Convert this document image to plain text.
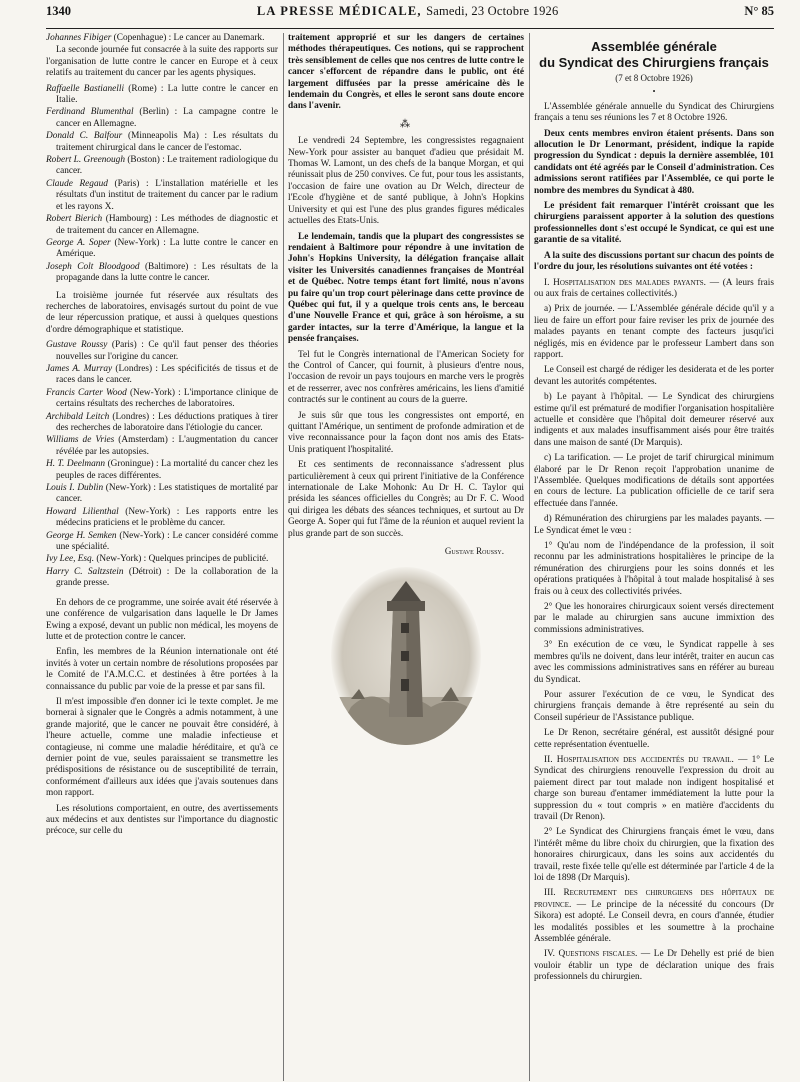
1340	LA PRESSE MÉDICALE, Samedi, 23 Octobre 1926	N° 85

Johannes Fibiger (Copenhague) : Le cancer au Danemark.

La seconde journée fut consacrée à la suite des rapports sur l'organisation de lutte contre le cancer en Europe et à ceux relatifs au traitement du cancer par les agents physiques.

Raffaelle Bastianelli (Rome) : La lutte contre le cancer en Italie.

Ferdinand Blumenthal (Berlin) : La campagne contre le cancer en Allemagne.

Donald C. Balfour (Minneapolis Ma) : Les résultats du traitement chirurgical dans le cancer de l'estomac.

Robert L. Greenough (Boston) : Le traitement radiologique du cancer.

Claude Regaud (Paris) : L'installation matérielle et les résultats d'un institut de traitement du cancer par le radium et les rayons X.

Robert Bierich (Hambourg) : Les méthodes de diagnostic et de traitement du cancer en Allemagne.

George A. Soper (New-York) : La lutte contre le cancer en Amérique.

Joseph Colt Bloodgood (Baltimore) : Les résultats de la propagande dans la lutte contre le cancer.

La troisième journée fut réservée aux résultats des recherches de laboratoires, envisagés surtout du point de vue de leur répercussion pratique, et aussi à quelques questions d'ordre démographique et statistique.

Gustave Roussy (Paris) : Ce qu'il faut penser des théories nouvelles sur l'origine du cancer.

James A. Murray (Londres) : Les spécificités de tissus et de races dans le cancer.

Francis Carter Wood (New-York) : L'importance clinique de certains résultats des recherches de laboratoires.

Archibald Leitch (Londres) : Les déductions pratiques à tirer des recherches de laboratoire dans l'étiologie du cancer.

Williams de Vries (Amsterdam) : L'augmentation du cancer révélée par les autopsies.

H. T. Deelmann (Groningue) : La mortalité du cancer chez les peuples de races différentes.

Louis I. Dublin (New-York) : Les statistiques de mortalité par cancer.

Howard Lilienthal (New-York) : Les rapports entre les médecins praticiens et le problème du cancer.

George H. Semken (New-York) : Le cancer considéré comme une spécialité.

Ivy Lee, Esq. (New-York) : Quelques principes de publicité.

Harry C. Saltzstein (Détroit) : De la collaboration de la grande presse.

En dehors de ce programme, une soirée avait été réservée à une conférence de vulgarisation dans laquelle le Dr James Ewing a exposé, devant un public non médical, les moyens de lutte et de protection contre le cancer.

Enfin, les membres de la Réunion internationale ont été invités à voter un certain nombre de résolutions proposées par le Comité de l'A.M.C.C. et destinées à être portées à la connaissance du public par voie de la presse et par sans fil.

Il m'est impossible d'en donner ici le texte complet. Je me bornerai à signaler que le Congrès a admis notamment, à une grande majorité, que le cancer ne pouvait être considéré, à l'heure actuelle, comme une maladie infectieuse et contagieuse, ni comme une maladie héréditaire, et qu'à ce dernier point de vue, seules paraissaient se transmettre les prédispositions de résistance ou de susceptibilité de terrain, conformément d'ailleurs aux idées que j'avais soutenues dans mon rapport.

Les résolutions comportaient, en outre, des avertissements aux médecins et aux dentistes sur l'importance du diagnostic précoce, sur celle du

traitement approprié et sur les dangers de certaines méthodes thérapeutiques. Ces notions, qui se rapprochent très sensiblement de celles que nos centres de lutte contre le cancer s'efforcent de répandre dans le public, ont été largement diffusées par la presse américaine dès le lendemain du Congrès, et elles le seront sans doute encore dans l'avenir.

⁂

Le vendredi 24 Septembre, les congressistes regagnaient New-York pour assister au banquet d'adieu que présidait M. Thomas W. Lamont, un des chefs de la banque Morgan, et qui réunissait plus de 250 convives. Ce fut, pour tous les assistants, l'occasion de faire une ovation au Dr Welch, directeur de l'Ecole d'hygiène et de santé publique, à John's Hopkins University et qui est l'une des plus grandes figures médicales actuelles des Etats-Unis.

Le lendemain, tandis que la plupart des congressistes se rendaient à Baltimore pour répondre à une invitation de John's Hopkins University, la délégation française allait visiter les Universités canadiennes françaises de Montréal et de Québec. Notre temps étant fort limité, nous n'avons pu faire qu'un trop court pèlerinage dans cette province de Québec qui fut, il y a quelque trois cents ans, le berceau d'une Nouvelle France et qui, grâce à son héroïsme, a su garder intactes, sur la terre d'Amérique, la langue et la pensée françaises.

Tel fut le Congrès international de l'American Society for the Control of Cancer, qui fournit, à plusieurs d'entre nous, l'occasion de revoir un pays toujours en marche vers le progrès et de resserrer, avec nos confrères américains, les liens d'amitié contractés sur le continent au cours de la guerre.

Je suis sûr que tous les congressistes ont emporté, en quittant l'Amérique, un sentiment de profonde admiration et de vive reconnaissance pour la façon dont nos amis des Etats-Unis pratiquent l'hospitalité.

Et ces sentiments de reconnaissance s'adressent plus particulièrement à ceux qui prirent l'initiative de la Conférence internationale de Lake Mohonk: Au Dr H. C. Taylor qui présida les séances officielles du Congrès; au Dr F. C. Wood qui dirigea les débats des séances techniques, et surtout au Dr George A. Soper qui fut l'âme de la réunion et auquel revient la plus grande part de son succès.

Gustave Roussy.
Assemblée générale
du Syndicat des Chirurgiens français
(7 et 8 Octobre 1926)
•

L'Assemblée générale annuelle du Syndicat des Chirurgiens français a tenu ses réunions les 7 et 8 Octobre 1926.

Deux cents membres environ étaient présents. Dans son allocution le Dr Lenormant, président, indique la rapide progression du Syndicat : depuis la dernière assemblée, 101 candidats ont été agréés par le Conseil d'administration. Ces admissions seront ratifiées par l'Assemblée, ce qui porte le nombre des membres du Syndicat à 480.

Le président fait remarquer l'intérêt croissant que les chirurgiens paraissent apporter à la solution des questions professionnelles dont s'est occupé le Syndicat, ce qui est une garantie de sa vitalité.

A la suite des discussions portant sur chacun des points de l'ordre du jour, les résolutions suivantes ont été votées :

I. Hospitalisation des malades payants. — (A leurs frais ou aux frais de certaines collectivités.)

a) Prix de journée. — L'Assemblée générale décide qu'il y a lieu de faire un effort pour faire reviser les prix de journée des malades payants en tenant compte des facteurs jusqu'ici négligés, mis en évidence par le professeur Lambert dans son rapport.

Le Conseil est chargé de rédiger les desiderata et de les porter devant les autorités compétentes.

b) Le payant à l'hôpital. — Le Syndicat des chirurgiens estime qu'il est prématuré de modifier l'organisation hospitalière actuelle et considère que l'hôpital doit demeurer réservé aux indigents et aux malades insuffisamment aisés pour être traités dans une maison de santé (Dr Marquis).

c) La tarification. — Le projet de tarif chirurgical minimum élaboré par le Dr Renon reçoit l'approbation unanime de l'Assemblée. Quelques modifications de détails sont apportées en cours de lecture. La publication officielle de ce tarif sera effectuée dans l'année.

d) Rémunération des chirurgiens par les malades payants. — Le Syndicat émet le vœu :

1° Qu'au nom de l'indépendance de la profession, il soit reconnu par les administrations hospitalières le principe de la rémunération des chirurgiens pour les soins donnés et les opérations pratiquées à l'hôpital à tout malade hospitalisé à ses frais ou à ceux des collectivités privées.

2° Que les honoraires chirurgicaux soient versés directement par le malade au chirurgien sans aucune immixtion des commissions administratives.

3° En exécution de ce vœu, le Syndicat rappelle à ses membres qu'ils ne doivent, dans leur intérêt, traiter en aucun cas avec les commissions administratives sans en référer au bureau du Syndicat.

Pour assurer l'exécution de ce vœu, le Syndicat des chirurgiens français demande à être représenté au sein du Conseil supérieur de l'Assistance publique.

Le Dr Renon, secrétaire général, est aussitôt désigné pour cette représentation éventuelle.

II. Hospitalisation des accidentés du travail. — 1° Le Syndicat des chirurgiens renouvelle l'expression du droit au paiement direct par tout malade non indigent hospitalisé et charge son bureau d'entamer immédiatement la lutte pour la suppression du « tout compris » en matière d'accidents du travail (Dr Renon).

2° Le Syndicat des Chirurgiens français émet le vœu, dans l'intérêt même du libre choix du chirurgien, que la fixation des honoraires chirurgicaux, dans les soins aux accidentés du travail, reste fixée telle qu'elle est déterminée par l'article 4 de la loi de 1898 (Dr Marquis).

III. Recrutement des chirurgiens des hôpitaux de province. — Le principe de la nécessité du concours (Dr Sikora) est adopté. Le Conseil devra, en cours d'année, étudier les modalités possibles et les soumettre à la prochaine Assemblée générale.

IV. Questions fiscales. — Le Dr Dehelly est prié de bien vouloir établir un type de déclaration unique des frais professionnels du chirurgien.
